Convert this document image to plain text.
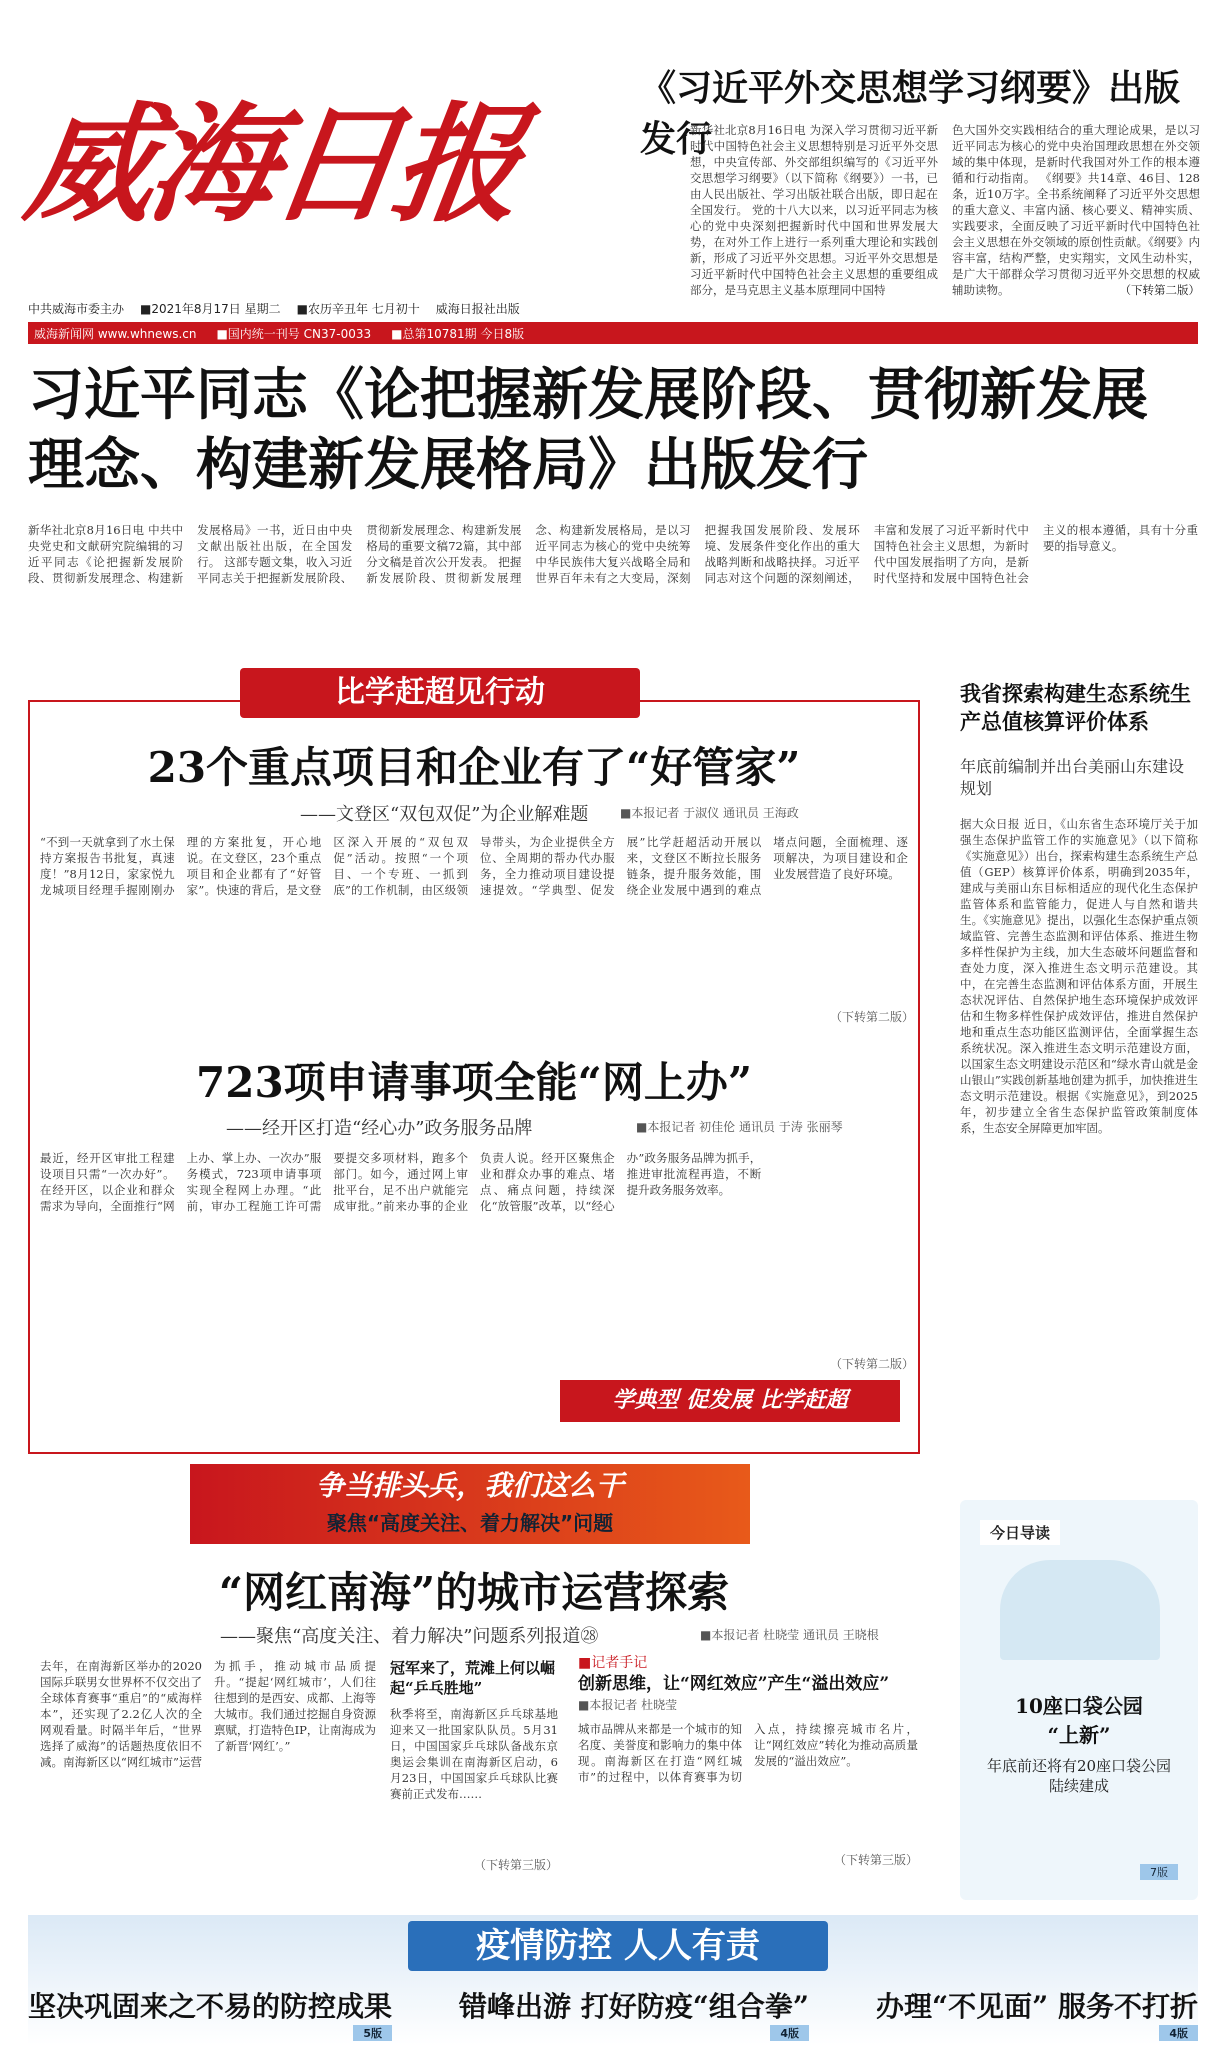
威海日报
《习近平外交思想学习纲要》出版发行
新华社北京8月16日电 为深入学习贯彻习近平新时代中国特色社会主义思想特别是习近平外交思想，中央宣传部、外交部组织编写的《习近平外交思想学习纲要》（以下简称《纲要》）一书，已由人民出版社、学习出版社联合出版，即日起在全国发行。 党的十八大以来，以习近平同志为核心的党中央深刻把握新时代中国和世界发展大势，在对外工作上进行一系列重大理论和实践创新，形成了习近平外交思想。习近平外交思想是习近平新时代中国特色社会主义思想的重要组成部分，是马克思主义基本原理同中国特
色大国外交实践相结合的重大理论成果，是以习近平同志为核心的党中央治国理政思想在外交领域的集中体现，是新时代我国对外工作的根本遵循和行动指南。 《纲要》共14章、46目、128条，近10万字。全书系统阐释了习近平外交思想的重大意义、丰富内涵、核心要义、精神实质、实践要求，全面反映了习近平新时代中国特色社会主义思想在外交领域的原创性贡献。《纲要》内容丰富，结构严整，史实翔实，文风生动朴实，是广大干部群众学习贯彻习近平外交思想的权威辅助读物。	（下转第二版）
中共威海市委主办 ■2021年8月17日 星期二 ■农历辛丑年 七月初十 威海日报社出版
威海新闻网 www.whnews.cn ■国内统一刊号 CN37-0033 ■总第10781期 今日8版
习近平同志《论把握新发展阶段、贯彻新发展
理念、构建新发展格局》出版发行
新华社北京8月16日电 中共中央党史和文献研究院编辑的习近平同志《论把握新发展阶段、贯彻新发展理念、构建新发展格局》一书，近日由中央文献出版社出版，在全国发行。 这部专题文集，收入习近平同志关于把握新发展阶段、贯彻新发展理念、构建新发展格局的重要文稿72篇，其中部分文稿是首次公开发表。 把握新发展阶段、贯彻新发展理念、构建新发展格局，是以习近平同志为核心的党中央统筹中华民族伟大复兴战略全局和世界百年未有之大变局，深刻把握我国发展阶段、发展环境、发展条件变化作出的重大战略判断和战略抉择。习近平同志对这个问题的深刻阐述，丰富和发展了习近平新时代中国特色社会主义思想，为新时代中国发展指明了方向，是新时代坚持和发展中国特色社会主义的根本遵循，具有十分重要的指导意义。
比学赶超见行动
23个重点项目和企业有了“好管家”
——文登区“双包双促”为企业解难题	■本报记者 于淑仪 通讯员 王海政
“不到一天就拿到了水土保持方案报告书批复，真速度！”8月12日，家家悦九龙城项目经理手握刚刚办理的方案批复，开心地说。在文登区，23个重点项目和企业都有了“好管家”。快速的背后，是文登区深入开展的“双包双促”活动。按照“一个项目、一个专班、一抓到底”的工作机制，由区级领导带头，为企业提供全方位、全周期的帮办代办服务，全力推动项目建设提速提效。“学典型、促发展”比学赶超活动开展以来，文登区不断拉长服务链条，提升服务效能，围绕企业发展中遇到的难点堵点问题，全面梳理、逐项解决，为项目建设和企业发展营造了良好环境。
（下转第二版）
723项申请事项全能“网上办”
——经开区打造“经心办”政务服务品牌	■本报记者 初佳伦 通讯员 于涛 张丽琴
最近，经开区审批工程建设项目只需“一次办好”。在经开区，以企业和群众需求为导向，全面推行“网上办、掌上办、一次办”服务模式，723项申请事项实现全程网上办理。“此前，审办工程施工许可需要提交多项材料，跑多个部门。如今，通过网上审批平台，足不出户就能完成审批。”前来办事的企业负责人说。经开区聚焦企业和群众办事的难点、堵点、痛点问题，持续深化“放管服”改革，以“经心办”政务服务品牌为抓手，推进审批流程再造，不断提升政务服务效率。
（下转第二版）
学典型 促发展 比学赶超
我省探索构建生态系统生产总值核算评价体系
年底前编制并出台美丽山东建设规划
据大众日报 近日，《山东省生态环境厅关于加强生态保护监管工作的实施意见》（以下简称《实施意见》）出台，探索构建生态系统生产总值（GEP）核算评价体系，明确到2035年，建成与美丽山东目标相适应的现代化生态保护监管体系和监管能力，促进人与自然和谐共生。《实施意见》提出，以强化生态保护重点领域监管、完善生态监测和评估体系、推进生物多样性保护为主线，加大生态破坏问题监督和查处力度，深入推进生态文明示范建设。其中，在完善生态监测和评估体系方面，开展生态状况评估、自然保护地生态环境保护成效评估和生物多样性保护成效评估，推进自然保护地和重点生态功能区监测评估，全面掌握生态系统状况。深入推进生态文明示范建设方面，以国家生态文明建设示范区和“绿水青山就是金山银山”实践创新基地创建为抓手，加快推进生态文明示范建设。根据《实施意见》，到2025年，初步建立全省生态保护监管政策制度体系，生态安全屏障更加牢固。
争当排头兵，我们这么干
聚焦“高度关注、着力解决”问题
“网红南海”的城市运营探索
——聚焦“高度关注、着力解决”问题系列报道㉘	■本报记者 杜晓莹 通讯员 王晓根
去年，在南海新区举办的2020国际乒联男女世界杯不仅交出了全球体育赛事“重启”的“威海样本”，还实现了2.2亿人次的全网观看量。时隔半年后，“世界选择了威海”的话题热度依旧不减。南海新区以“网红城市”运营为抓手，推动城市品质提升。“提起‘网红城市’，人们往往想到的是西安、成都、上海等大城市。我们通过挖掘自身资源禀赋，打造特色IP，让南海成为了新晋‘网红’。”
冠军来了，荒滩上何以崛起“乒乓胜地”
秋季将至，南海新区乒乓球基地迎来又一批国家队队员。5月31日，中国国家乒乓球队备战东京奥运会集训在南海新区启动，6月23日，中国国家乒乓球队比赛赛前正式发布……
（下转第三版）
■记者手记
创新思维，让“网红效应”产生“溢出效应”
■本报记者 杜晓莹
城市品牌从来都是一个城市的知名度、美誉度和影响力的集中体现。南海新区在打造“网红城市”的过程中，以体育赛事为切入点，持续擦亮城市名片，让“网红效应”转化为推动高质量发展的“溢出效应”。
（下转第三版）
今日导读
10座口袋公园
“上新”
年底前还将有20座口袋公园陆续建成
7版
疫情防控 人人有责
坚决巩固来之不易的防控成果
5版
错峰出游 打好防疫“组合拳”
4版
办理“不见面” 服务不打折
4版
